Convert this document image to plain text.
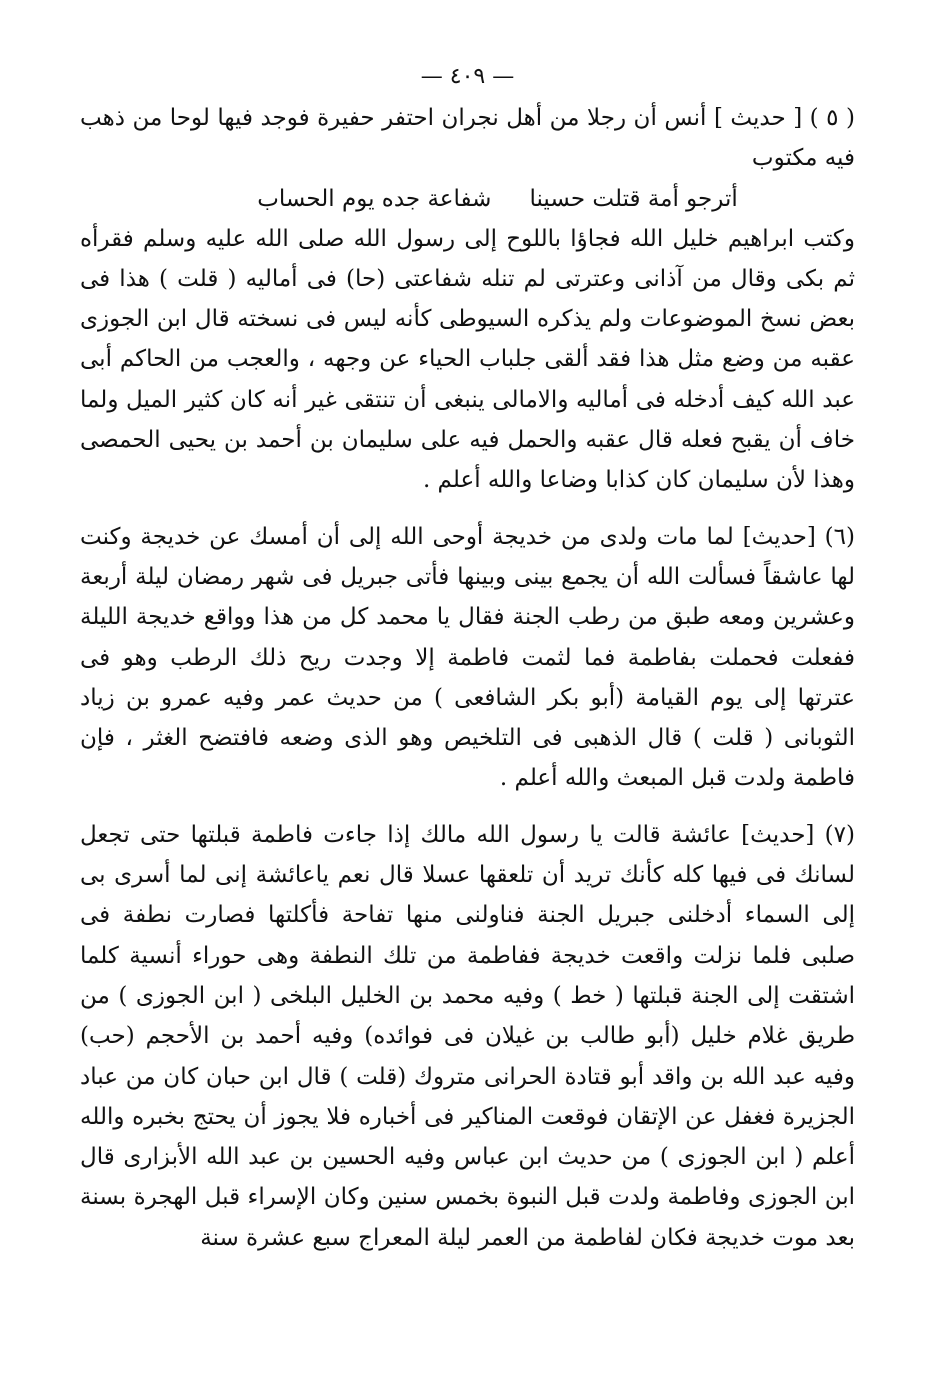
— ٤٠٩ —

( ٥ ) [ حديث ] أنس أن رجلا من أهل نجران احتفر حفيرة فوجد فيها لوحا من ذهب فيه مكتوب

أترجو أمة قتلت حسينا
شفاعة جده يوم الحساب

وكتب ابراهيم خليل الله فجاؤا باللوح إلى رسول الله صلى الله عليه وسلم فقرأه ثم بكى وقال من آذانى وعترتى لم تنله شفاعتى (حا) فى أماليه ( قلت ) هذا فى بعض نسخ الموضوعات ولم يذكره السيوطى كأنه ليس فى نسخته قال ابن الجوزى عقبه من وضع مثل هذا فقد ألقى جلباب الحياء عن وجهه ، والعجب من الحاكم أبى عبد الله كيف أدخله فى أماليه والامالى ينبغى أن تنتقى غير أنه كان كثير الميل ولما خاف أن يقبح فعله قال عقبه والحمل فيه على سليمان بن أحمد بن يحيى الحمصى وهذا لأن سليمان كان كذابا وضاعا والله أعلم .

(٦) [حديث] لما مات ولدى من خديجة أوحى الله إلى أن أمسك عن خديجة وكنت لها عاشقاً فسألت الله أن يجمع بينى وبينها فأتى جبريل فى شهر رمضان ليلة أربعة وعشرين ومعه طبق من رطب الجنة فقال يا محمد كل من هذا وواقع خديجة الليلة ففعلت فحملت بفاطمة فما لثمت فاطمة إلا وجدت ريح ذلك الرطب وهو فى عترتها إلى يوم القيامة (أبو بكر الشافعى ) من حديث عمر وفيه عمرو بن زياد الثوبانى ( قلت ) قال الذهبى فى التلخيص وهو الذى وضعه فافتضح الغثر ، فإن فاطمة ولدت قبل المبعث والله أعلم .

(٧) [حديث] عائشة قالت يا رسول الله مالك إذا جاءت فاطمة قبلتها حتى تجعل لسانك فى فيها كله كأنك تريد أن تلعقها عسلا قال نعم ياعائشة إنى لما أسرى بى إلى السماء أدخلنى جبريل الجنة فناولنى منها تفاحة فأكلتها فصارت نطفة فى صلبى فلما نزلت واقعت خديجة ففاطمة من تلك النطفة وهى حوراء أنسية كلما اشتقت إلى الجنة قبلتها ( خط ) وفيه محمد بن الخليل البلخى ( ابن الجوزى ) من طريق غلام خليل (أبو طالب بن غيلان فى فوائده) وفيه أحمد بن الأحجم (حب) وفيه عبد الله بن واقد أبو قتادة الحرانى متروك (قلت ) قال ابن حبان كان من عباد الجزيرة فغفل عن الإتقان فوقعت المناكير فى أخباره فلا يجوز أن يحتج بخبره والله أعلم ( ابن الجوزى ) من حديث ابن عباس وفيه الحسين بن عبد الله الأبزارى قال ابن الجوزى وفاطمة ولدت قبل النبوة بخمس سنين وكان الإسراء قبل الهجرة بسنة بعد موت خديجة فكان لفاطمة من العمر ليلة المعراج سبع عشرة سنة
